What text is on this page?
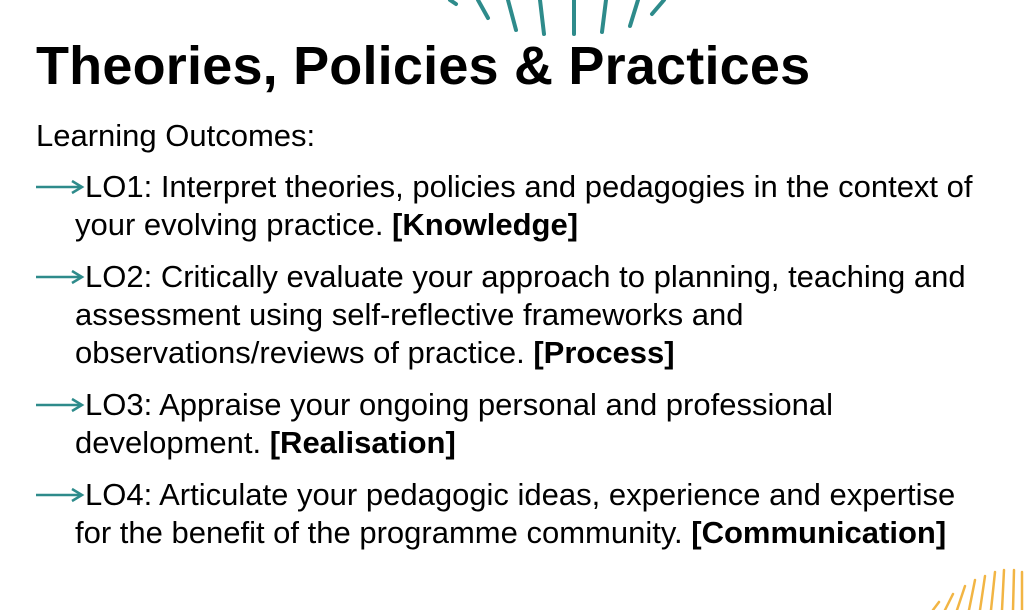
Theories, Policies & Practices

Learning Outcomes:

LO1: Interpret theories, policies and pedagogies in the context of your evolving practice. [Knowledge]
LO2: Critically evaluate your approach to planning, teaching and assessment using self-reflective frameworks and observations/reviews of practice. [Process]
LO3: Appraise your ongoing personal and professional development. [Realisation]
LO4: Articulate your pedagogic ideas, experience and expertise for the benefit of the programme community. [Communication]
